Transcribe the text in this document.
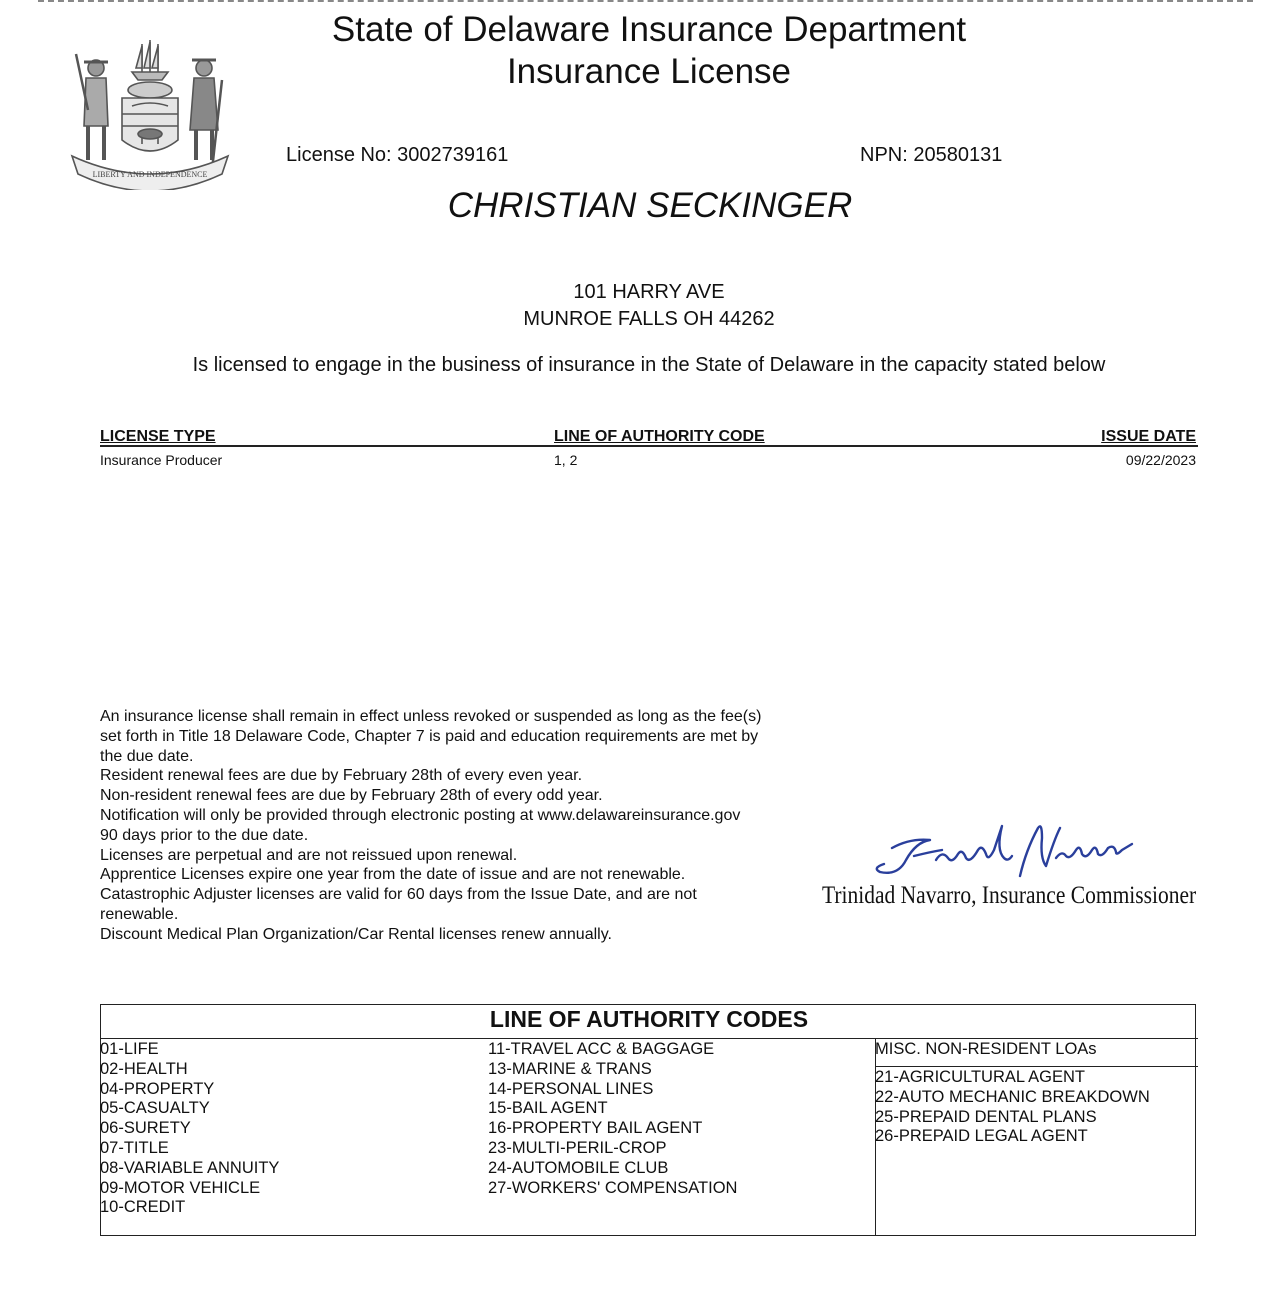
LIBERTY AND INDEPENDENCE
State of Delaware Insurance Department
Insurance License
License No: 3002739161	NPN: 20580131
CHRISTIAN SECKINGER
101 HARRY AVE
MUNROE FALLS OH 44262
Is licensed to engage in the business of insurance in the State of Delaware in the capacity stated below
LICENSE TYPE	LINE OF AUTHORITY CODE	ISSUE DATE
Insurance Producer	1, 2	09/22/2023
An insurance license shall remain in effect unless revoked or suspended as long as the fee(s)
set forth in Title 18 Delaware Code, Chapter 7 is paid and education requirements are met by
the due date.
Resident renewal fees are due by February 28th of every even year.
Non-resident renewal fees are due by February 28th of every odd year.
Notification will only be provided through electronic posting at www.delawareinsurance.gov
90 days prior to the due date.
Licenses are perpetual and are not reissued upon renewal.
Apprentice Licenses expire one year from the date of issue and are not renewable.
Catastrophic Adjuster licenses are valid for 60 days from the Issue Date, and are not
renewable.
Discount Medical Plan Organization/Car Rental licenses renew annually.
Trinidad Navarro, Insurance Commissioner
LINE OF AUTHORITY CODES
01-LIFE
02-HEALTH
04-PROPERTY
05-CASUALTY
06-SURETY
07-TITLE
08-VARIABLE ANNUITY
09-MOTOR VEHICLE
10-CREDIT
11-TRAVEL ACC & BAGGAGE
13-MARINE & TRANS
14-PERSONAL LINES
15-BAIL AGENT
16-PROPERTY BAIL AGENT
23-MULTI-PERIL-CROP
24-AUTOMOBILE CLUB
27-WORKERS' COMPENSATION
MISC. NON-RESIDENT LOAs
21-AGRICULTURAL AGENT
22-AUTO MECHANIC BREAKDOWN
25-PREPAID DENTAL PLANS
26-PREPAID LEGAL AGENT
